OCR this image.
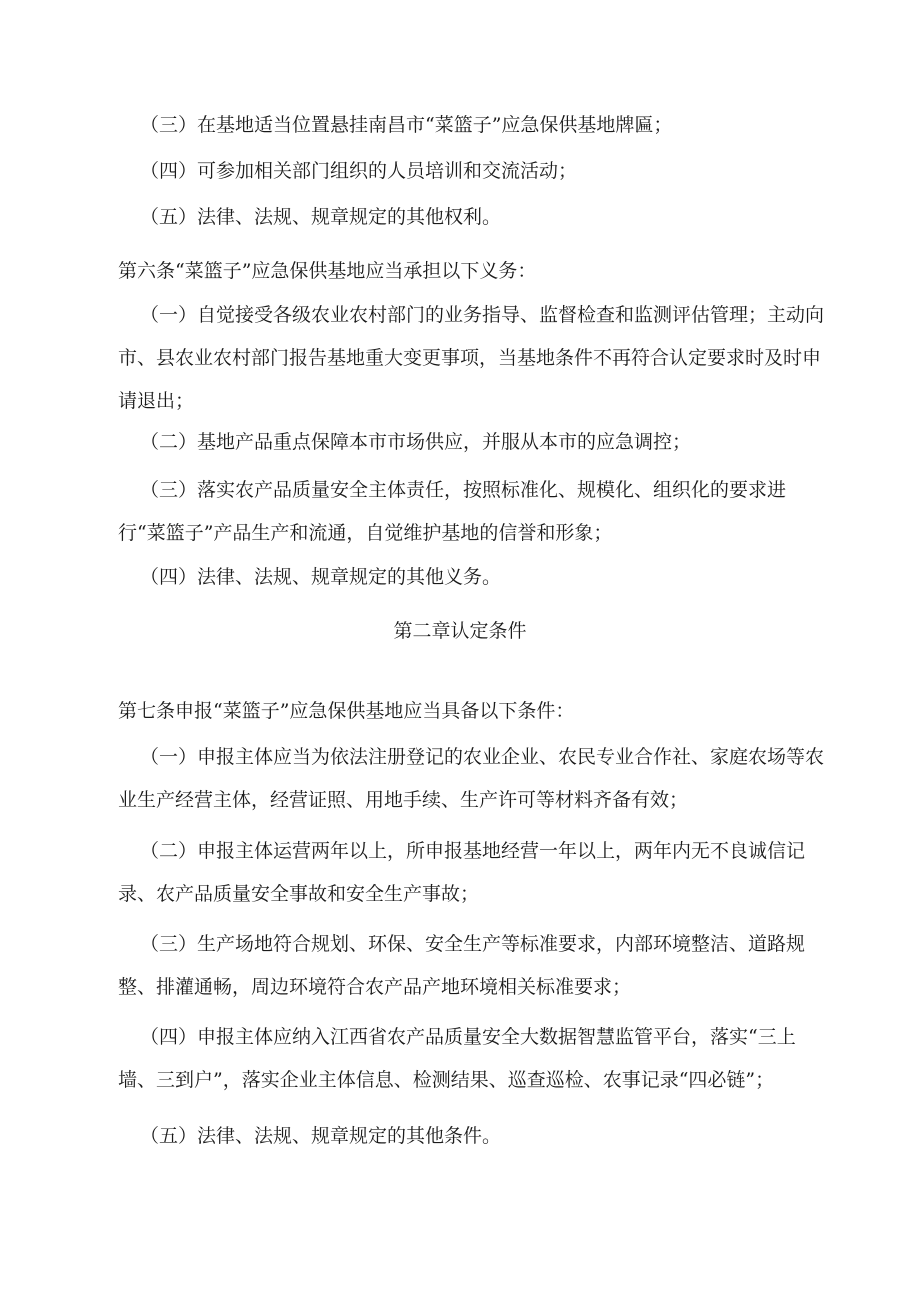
（三）在基地适当位置悬挂南昌市“菜篮子”应急保供基地牌匾；

（四）可参加相关部门组织的人员培训和交流活动；

（五）法律、法规、规章规定的其他权利。

第六条“菜篮子”应急保供基地应当承担以下义务：

（一）自觉接受各级农业农村部门的业务指导、监督检查和监测评估管理；主动向市、县农业农村部门报告基地重大变更事项，当基地条件不再符合认定要求时及时申请退出；

（二）基地产品重点保障本市市场供应，并服从本市的应急调控；

（三）落实农产品质量安全主体责任，按照标准化、规模化、组织化的要求进行“菜篮子”产品生产和流通，自觉维护基地的信誉和形象；

（四）法律、法规、规章规定的其他义务。

第二章认定条件

第七条申报“菜篮子”应急保供基地应当具备以下条件：

（一）申报主体应当为依法注册登记的农业企业、农民专业合作社、家庭农场等农业生产经营主体，经营证照、用地手续、生产许可等材料齐备有效；

（二）申报主体运营两年以上，所申报基地经营一年以上，两年内无不良诚信记录、农产品质量安全事故和安全生产事故；

（三）生产场地符合规划、环保、安全生产等标准要求，内部环境整洁、道路规整、排灌通畅，周边环境符合农产品产地环境相关标准要求；

（四）申报主体应纳入江西省农产品质量安全大数据智慧监管平台，落实“三上墙、三到户”，落实企业主体信息、检测结果、巡查巡检、农事记录“四必链”；

（五）法律、法规、规章规定的其他条件。
